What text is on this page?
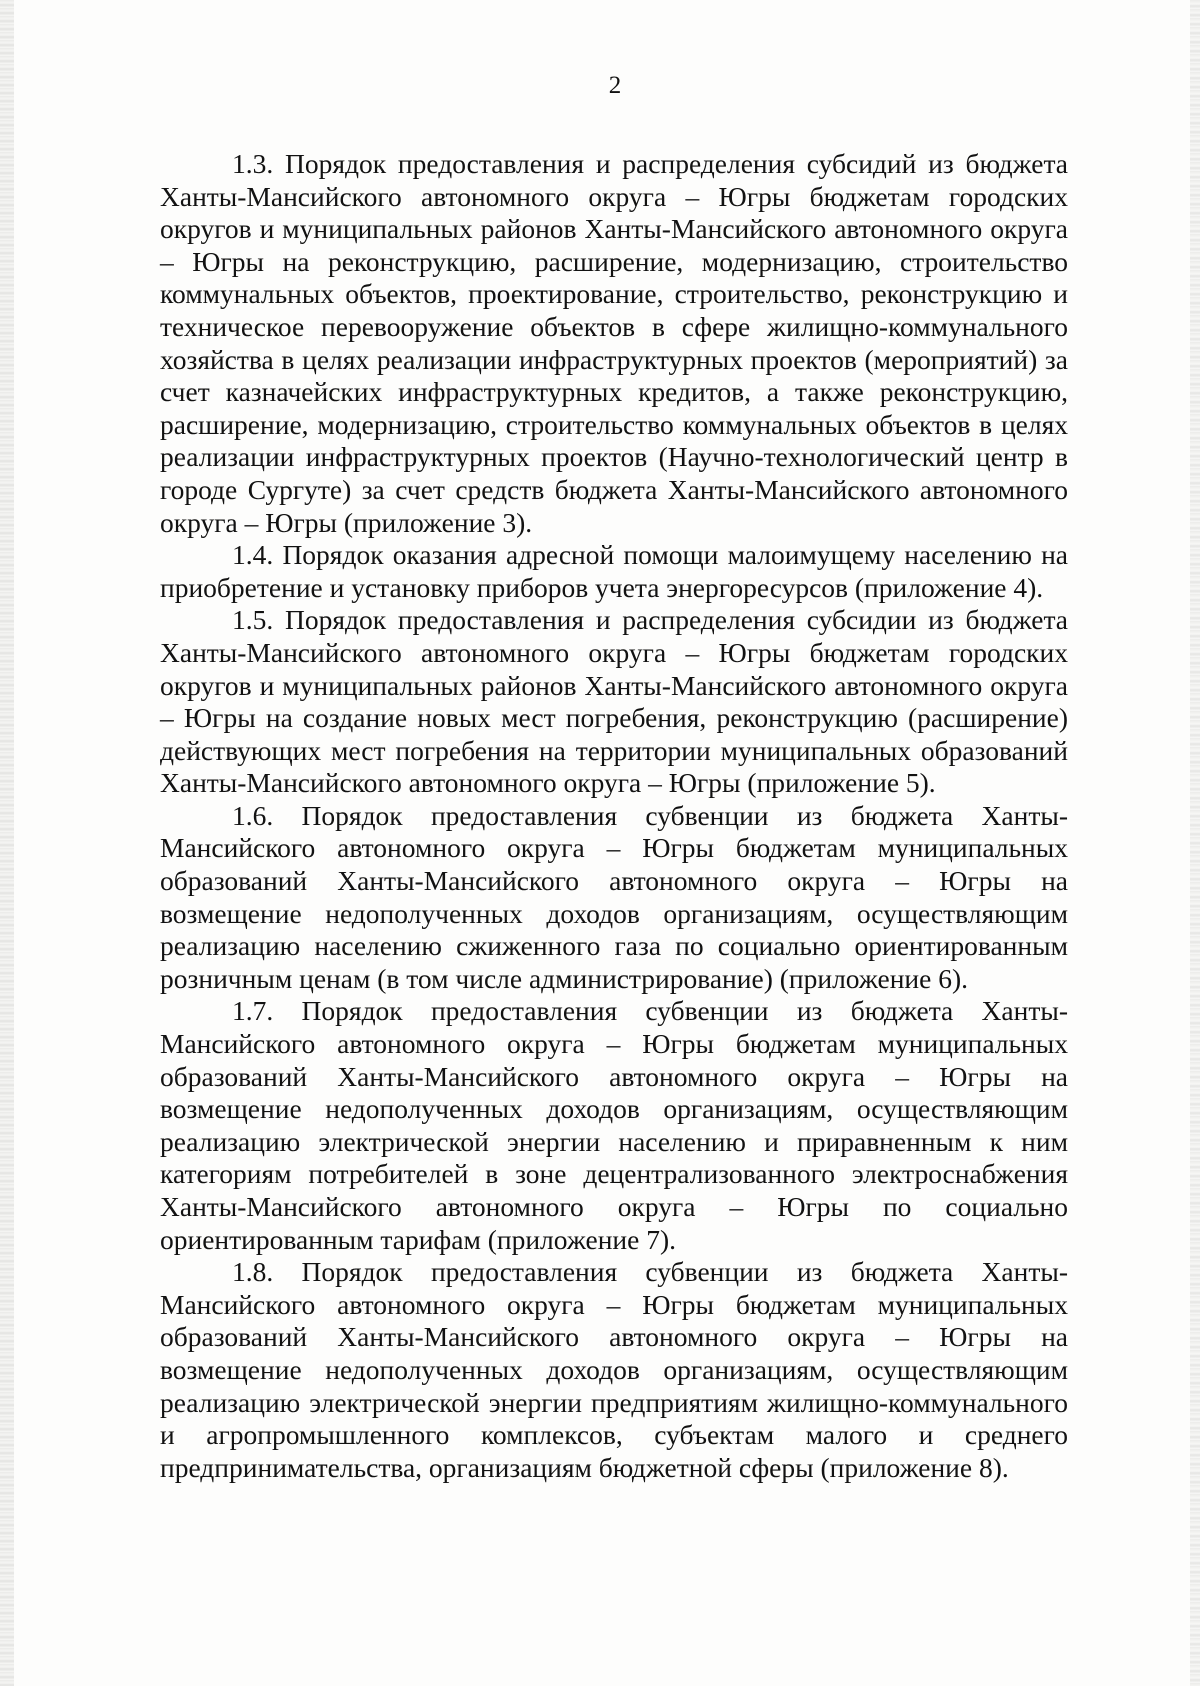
2

1.3. Порядок предоставления и распределения субсидий из бюджета Ханты-Мансийского автономного округа – Югры бюджетам городских округов и муниципальных районов Ханты-Мансийского автономного округа – Югры на реконструкцию, расширение, модернизацию, строительство коммунальных объектов, проектирование, строительство, реконструкцию и техническое перевооружение объектов в сфере жилищно-коммунального хозяйства в целях реализации инфраструктурных проектов (мероприятий) за счет казначейских инфраструктурных кредитов, а также реконструкцию, расширение, модернизацию, строительство коммунальных объектов в целях реализации инфраструктурных проектов (Научно-технологический центр в городе Сургуте) за счет средств бюджета Ханты-Мансийского автономного округа – Югры (приложение 3).

1.4. Порядок оказания адресной помощи малоимущему населению на приобретение и установку приборов учета энергоресурсов (приложение 4).

1.5. Порядок предоставления и распределения субсидии из бюджета Ханты-Мансийского автономного округа – Югры бюджетам городских округов и муниципальных районов Ханты-Мансийского автономного округа – Югры на создание новых мест погребения, реконструкцию (расширение) действующих мест погребения на территории муниципальных образований Ханты-Мансийского автономного округа – Югры (приложение 5).

1.6. Порядок предоставления субвенции из бюджета Ханты-Мансийского автономного округа – Югры бюджетам муниципальных образований Ханты-Мансийского автономного округа – Югры на возмещение недополученных доходов организациям, осуществляющим реализацию населению сжиженного газа по социально ориентированным розничным ценам (в том числе администрирование) (приложение 6).

1.7. Порядок предоставления субвенции из бюджета Ханты-Мансийского автономного округа – Югры бюджетам муниципальных образований Ханты-Мансийского автономного округа – Югры на возмещение недополученных доходов организациям, осуществляющим реализацию электрической энергии населению и приравненным к ним категориям потребителей в зоне децентрализованного электроснабжения Ханты-Мансийского автономного округа – Югры по социально ориентированным тарифам (приложение 7).

1.8. Порядок предоставления субвенции из бюджета Ханты-Мансийского автономного округа – Югры бюджетам муниципальных образований Ханты-Мансийского автономного округа – Югры на возмещение недополученных доходов организациям, осуществляющим реализацию электрической энергии предприятиям жилищно-коммунального и агропромышленного комплексов, субъектам малого и среднего предпринимательства, организациям бюджетной сферы (приложение 8).
